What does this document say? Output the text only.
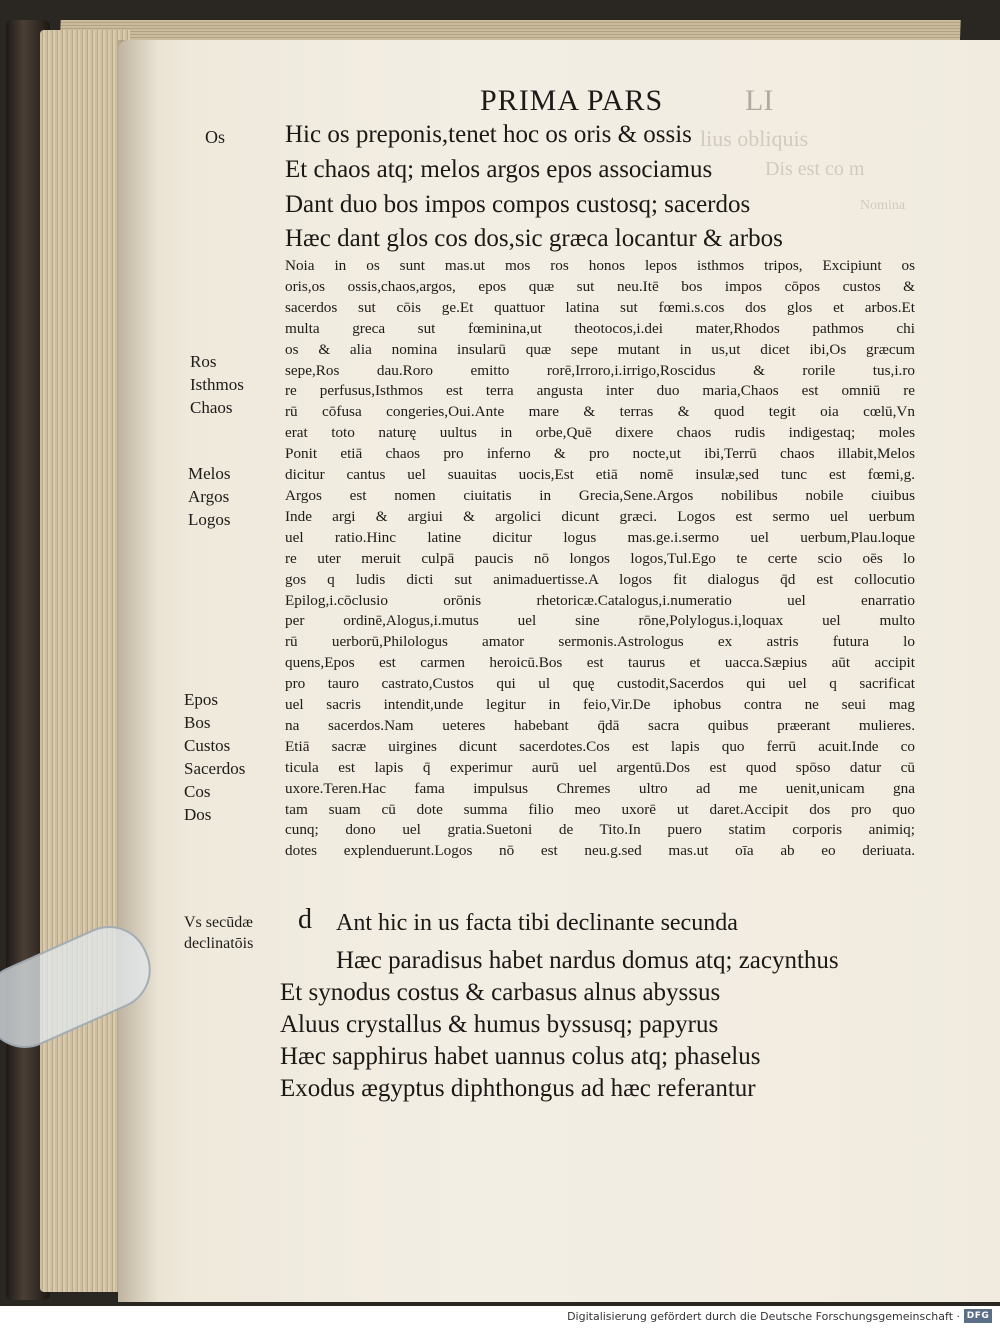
lius obliquis
Dis est co m
Nomina
PRIMA PARS	LI
Os Hic os preponis,tenet hoc os oris & ossis
Et chaos atq; melos argos epos associamus
Dant duo bos impos compos custosq; sacerdos
Hæc dant glos cos dos,sic græca locantur & arbos
Noia in os sunt mas.ut mos ros honos lepos isthmos tripos, Excipiunt os
oris,os ossis,chaos,argos, epos quæ sut neu.Itē bos impos cōpos custos &
sacerdos sut cōis ge.Et quattuor latina sut fœmi.s.cos dos glos et arbos.Et
multa greca sut fœminina,ut theotocos,i.dei mater,Rhodos pathmos chi
os & alia nomina insularū quæ sepe mutant in us,ut dicet ibi,Os græcum
sepe,Ros dau.Roro emitto rorē,Irroro,i.irrigo,Roscidus & rorile tus,i.ro
re perfusus,Isthmos est terra angusta inter duo maria,Chaos est omniū re
rū cōfusa congeries,Oui.Ante mare & terras & quod tegit oia cœlū,Vn
erat toto naturę uultus in orbe,Quē dixere chaos rudis indigestaq; moles
Ponit etiā chaos pro inferno & pro nocte,ut ibi,Terrū chaos illabit,Melos
dicitur cantus uel suauitas uocis,Est etiā nomē insulæ,sed tunc est fœmi,g.
Argos est nomen ciuitatis in Grecia,Sene.Argos nobilibus nobile ciuibus
Inde argi & argiui & argolici dicunt græci. Logos est sermo uel uerbum
uel ratio.Hinc latine dicitur logus mas.ge.i.sermo uel uerbum,Plau.loque
re uter meruit culpā paucis nō longos logos,Tul.Ego te certe scio oēs lo
gos q ludis dicti sut animaduertisse.A logos fit dialogus q̄d est collocutio
Epilog,i.cōclusio orōnis rhetoricæ.Catalogus,i.numeratio uel enarratio
per ordinē,Alogus,i.mutus uel sine rōne,Polylogus.i,loquax uel multo
rū uerborū,Philologus amator sermonis.Astrologus ex astris futura lo
quens,Epos est carmen heroicū.Bos est taurus et uacca.Sæpius aūt accipit
pro tauro castrato,Custos qui ul quę custodit,Sacerdos qui uel q sacrificat
uel sacris intendit,unde legitur in feio,Vir.De iphobus contra ne seui mag
na sacerdos.Nam ueteres habebant q̄dā sacra quibus præerant mulieres.
Etiā sacræ uirgines dicunt sacerdotes.Cos est lapis quo ferrū acuit.Inde co
ticula est lapis q̄ experimur aurū uel argentū.Dos est quod spōso datur cū
uxore.Teren.Hac fama impulsus Chremes ultro ad me uenit,unicam gna
tam suam cū dote summa filio meo uxorē ut daret.Accipit dos pro quo
cunq; dono uel gratia.Suetoni de Tito.In puero statim corporis animiq;
dotes explenduerunt.Logos nō est neu.g.sed mas.ut oīa ab eo deriuata.
Ros
Isthmos
Chaos
Melos
Argos
Logos
Epos
Bos
Custos
Sacerdos
Cos
Dos
Vs secūdæ
declinatōis
d Ant hic in us facta tibi declinante secunda
Hæc paradisus habet nardus domus atq; zacynthus
Et synodus costus & carbasus alnus abyssus
Aluus crystallus & humus byssusq; papyrus
Hæc sapphirus habet uannus colus atq; phaselus
Exodus ægyptus diphthongus ad hæc referantur
Digitalisierung gefördert durch die Deutsche Forschungsgemeinschaft · DFG
